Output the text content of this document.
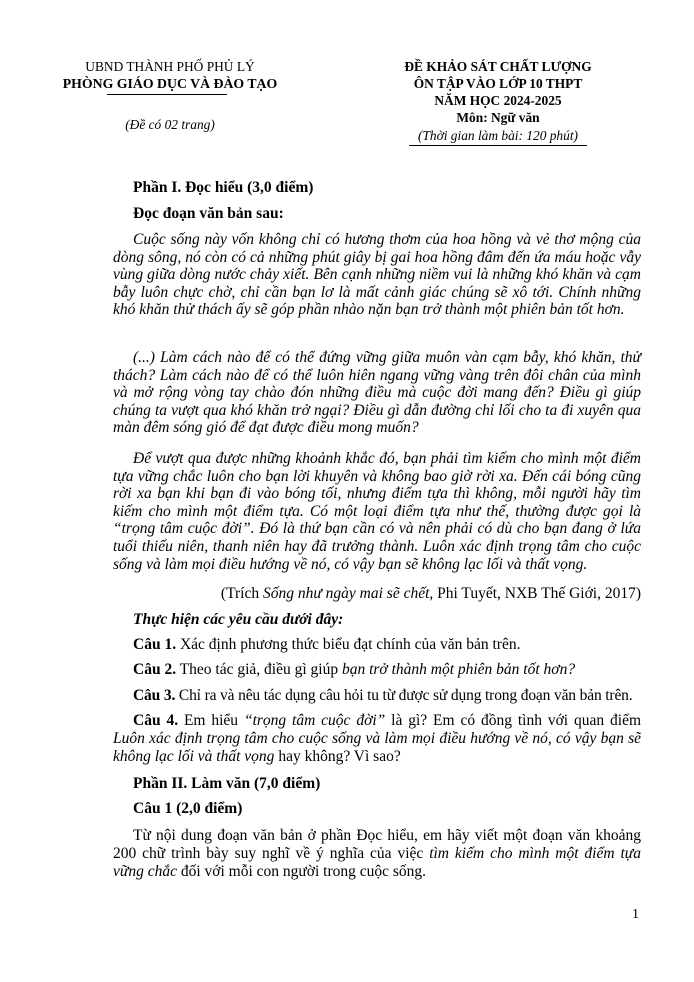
UBND THÀNH PHỐ PHỦ LÝ
PHÒNG GIÁO DỤC VÀ ĐÀO TẠO
(Đề có 02 trang)
ĐỀ KHẢO SÁT CHẤT LƯỢNG
ÔN TẬP VÀO LỚP 10 THPT
NĂM HỌC 2024-2025
Môn: Ngữ văn
(Thời gian làm bài: 120 phút)
Phần I. Đọc hiểu (3,0 điểm)
Đọc đoạn văn bản sau:
Cuộc sống này vốn không chỉ có hương thơm của hoa hồng và vẻ thơ mộng của dòng sông, nó còn có cả những phút giây bị gai hoa hồng đâm đến ứa máu hoặc vẫy vùng giữa dòng nước chảy xiết. Bên cạnh những niềm vui là những khó khăn và cạm bẫy luôn chực chờ, chỉ cần bạn lơ là mất cảnh giác chúng sẽ xô tới. Chính những khó khăn thử thách ấy sẽ góp phần nhào nặn bạn trở thành một phiên bản tốt hơn.
(...) Làm cách nào để có thể đứng vững giữa muôn vàn cạm bẫy, khó khăn, thử thách? Làm cách nào để có thể luôn hiên ngang vững vàng trên đôi chân của mình và mở rộng vòng tay chào đón những điều mà cuộc đời mang đến? Điều gì giúp chúng ta vượt qua khó khăn trở ngại? Điều gì dẫn đường chỉ lối cho ta đi xuyên qua màn đêm sóng gió để đạt được điều mong muốn?
Để vượt qua được những khoảnh khắc đó, bạn phải tìm kiếm cho mình một điểm tựa vững chắc luôn cho bạn lời khuyên và không bao giờ rời xa. Đến cái bóng cũng rời xa bạn khi bạn đi vào bóng tối, nhưng điểm tựa thì không, mỗi người hãy tìm kiếm cho mình một điểm tựa. Có một loại điểm tựa như thế, thường được gọi là “trọng tâm cuộc đời”. Đó là thứ bạn cần có và nên phải có dù cho bạn đang ở lứa tuổi thiếu niên, thanh niên hay đã trưởng thành. Luôn xác định trọng tâm cho cuộc sống và làm mọi điều hướng về nó, có vậy bạn sẽ không lạc lối và thất vọng.
(Trích Sống như ngày mai sẽ chết, Phi Tuyết, NXB Thế Giới, 2017)
Thực hiện các yêu cầu dưới đây:
Câu 1. Xác định phương thức biểu đạt chính của văn bản trên.
Câu 2. Theo tác giả, điều gì giúp bạn trở thành một phiên bản tốt hơn?
Câu 3. Chỉ ra và nêu tác dụng câu hỏi tu từ được sử dụng trong đoạn văn bản trên.
Câu 4. Em hiểu “trọng tâm cuộc đời” là gì? Em có đồng tình với quan điểm Luôn xác định trọng tâm cho cuộc sống và làm mọi điều hướng về nó, có vậy bạn sẽ không lạc lối và thất vọng hay không? Vì sao?
Phần II. Làm văn (7,0 điểm)
Câu 1 (2,0 điểm)
Từ nội dung đoạn văn bản ở phần Đọc hiểu, em hãy viết một đoạn văn khoảng 200 chữ trình bày suy nghĩ về ý nghĩa của việc tìm kiếm cho mình một điểm tựa vững chắc đối với mỗi con người trong cuộc sống.
1
